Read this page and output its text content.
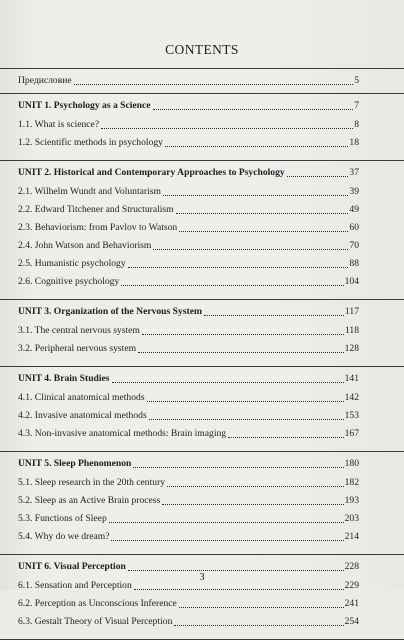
CONTENTS
Предисловие	5
UNIT 1. Psychology as a Science	7
1.1. What is science?	8
1.2. Scientific methods in psychology	18
UNIT 2. Historical and Contemporary Approaches to Psychology	37
2.1. Wilhelm Wundt and Voluntarism	39
2.2. Edward Titchener and Structuralism	49
2.3. Behaviorism: from Pavlov to Watson	60
2.4. John Watson and Behaviorism	70
2.5. Humanistic psychology	88
2.6. Cognitive psychology	104
UNIT 3. Organization of the Nervous System	117
3.1. The central nervous system	118
3.2. Peripheral nervous system	128
UNIT 4. Brain Studies	141
4.1. Clinical anatomical methods	142
4.2. Invasive anatomical methods	153
4.3. Non-invasive anatomical methods: Brain imaging	167
UNIT 5. Sleep Phenomenon	180
5.1. Sleep research in the 20th century	182
5.2. Sleep as an Active Brain process	193
5.3. Functions of Sleep	203
5.4. Why do we dream?	214
UNIT 6. Visual Perception	228
6.1. Sensation and Perception	229
6.2. Perception as Unconscious Inference	241
6.3. Gestalt Theory of Visual Perception	254
3
